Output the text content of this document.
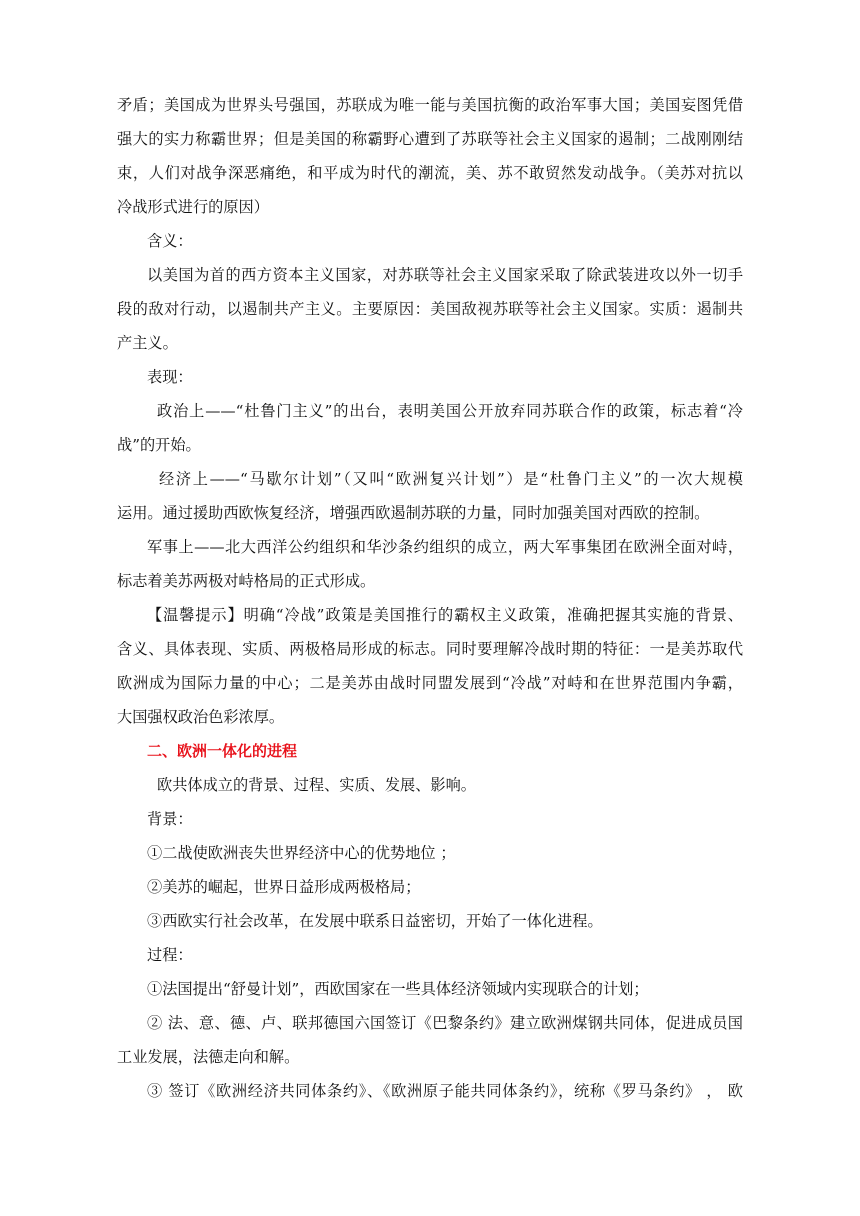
矛盾；美国成为世界头号强国，苏联成为唯一能与美国抗衡的政治军事大国；美国妄图凭借
强大的实力称霸世界；但是美国的称霸野心遭到了苏联等社会主义国家的遏制；二战刚刚结
束，人们对战争深恶痛绝，和平成为时代的潮流，美、苏不敢贸然发动战争。（美苏对抗以
冷战形式进行的原因）
含义：
以美国为首的西方资本主义国家，对苏联等社会主义国家采取了除武装进攻以外一切手
段的敌对行动，以遏制共产主义。主要原因：美国敌视苏联等社会主义国家。实质：遏制共
产主义。
表现：
政治上——“杜鲁门主义”的出台，表明美国公开放弃同苏联合作的政策，标志着“冷
战”的开始。
经济上——“马歇尔计划”（又叫“欧洲复兴计划”）是“杜鲁门主义”的一次大规模
运用。通过援助西欧恢复经济，增强西欧遏制苏联的力量，同时加强美国对西欧的控制。
军事上——北大西洋公约组织和华沙条约组织的成立，两大军事集团在欧洲全面对峙，
标志着美苏两极对峙格局的正式形成。
【温馨提示】明确“冷战”政策是美国推行的霸权主义政策，准确把握其实施的背景、
含义、具体表现、实质、两极格局形成的标志。同时要理解冷战时期的特征：一是美苏取代
欧洲成为国际力量的中心；二是美苏由战时同盟发展到“冷战”对峙和在世界范围内争霸，
大国强权政治色彩浓厚。
二、欧洲一体化的进程
欧共体成立的背景、过程、实质、发展、影响。
背景：
①二战使欧洲丧失世界经济中心的优势地位 ；
②美苏的崛起，世界日益形成两极格局；
③西欧实行社会改革，在发展中联系日益密切，开始了一体化进程。
过程：
①法国提出“舒曼计划”，西欧国家在一些具体经济领域内实现联合的计划；
② 法、意、德、卢、联邦德国六国签订《巴黎条约》建立欧洲煤钢共同体，促进成员国
工业发展，法德走向和解。
③ 签订《欧洲经济共同体条约》、《欧洲原子能共同体条约》，统称《罗马条约》 ， 欧
